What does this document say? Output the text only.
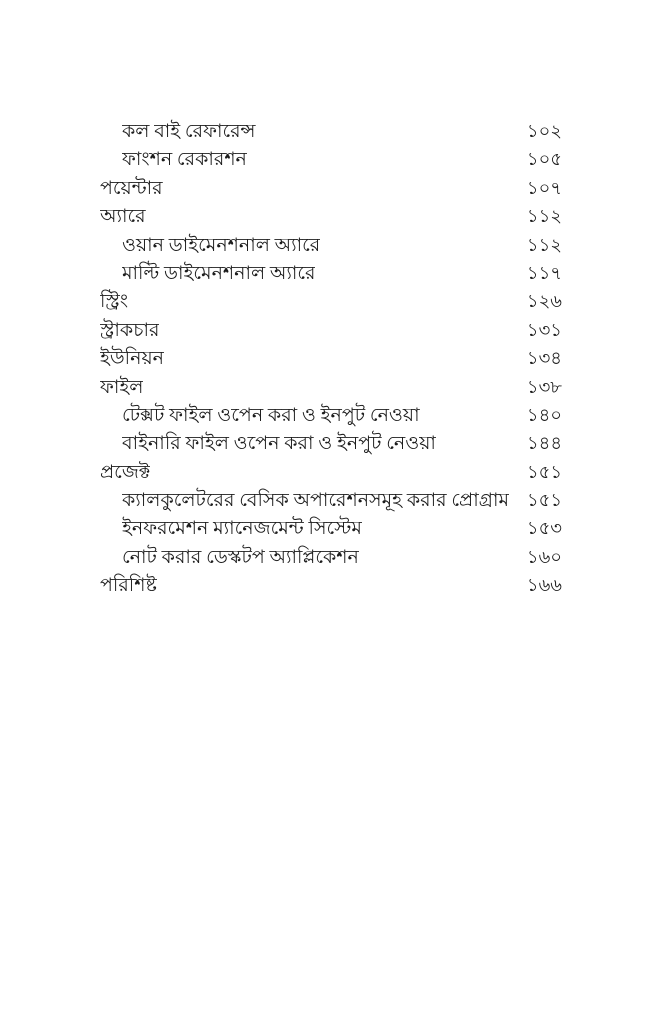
কল বাই রেফারেন্স	১০২
ফাংশন রেকারশন	১০৫
পয়েন্টার	১০৭
অ্যারে	১১২
ওয়ান ডাইমেনশনাল অ্যারে	১১২
মাল্টি ডাইমেনশনাল অ্যারে	১১৭
স্ট্রিং	১২৬
স্ট্রাকচার	১৩১
ইউনিয়ন	১৩৪
ফাইল	১৩৮
টেক্সট ফাইল ওপেন করা ও ইনপুট নেওয়া	১৪০
বাইনারি ফাইল ওপেন করা ও ইনপুট নেওয়া	১৪৪
প্রজেক্ট	১৫১
ক্যালকুলেটরের বেসিক অপারেশনসমূহ করার প্রোগ্রাম ১৫১
ইনফরমেশন ম্যানেজমেন্ট সিস্টেম	১৫৩
নোট করার ডেস্কটপ অ্যাপ্লিকেশন	১৬০
পরিশিষ্ট	১৬৬
